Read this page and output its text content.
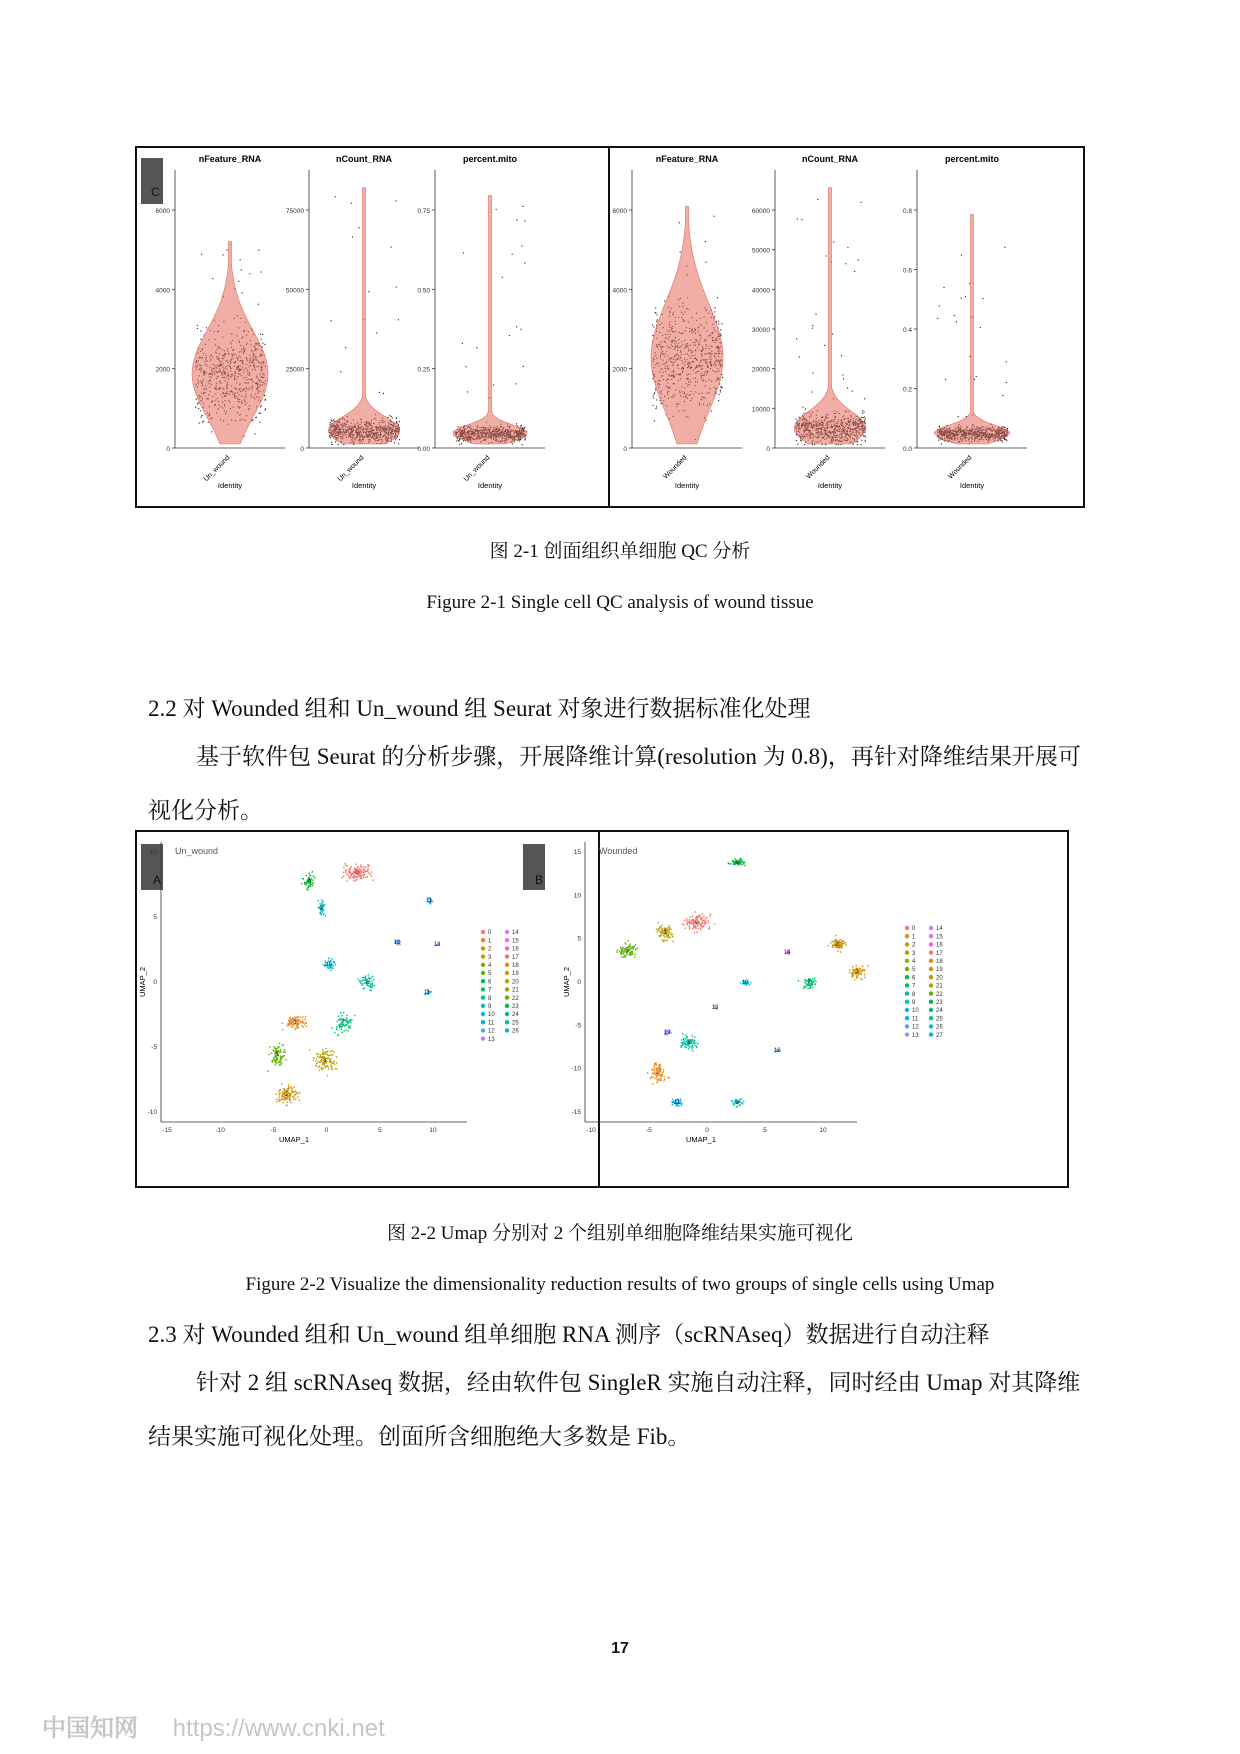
C
nFeature_RNA
0
2000
4000
6000
Un_wound
Identity
nCount_RNA
0
25000
50000
75000
Un_wound
Identity
percent.mito
0.00
0.25
0.50
0.75
Un_wound
Identity
nFeature_RNA
0
2000
4000
6000
Wounded
Identity
nCount_RNA
0
10000
20000
30000
40000
50000
60000
Wounded
Identity
percent.mito
0.0
0.2
0.4
0.6
0.8
Wounded
Identity
图 2-1 创面组织单细胞 QC 分析
Figure 2-1 Single cell QC analysis of wound tissue
2.2 对 Wounded 组和 Un_wound 组 Seurat 对象进行数据标准化处理
基于软件包 Seurat 的分析步骤，开展降维计算(resolution 为 0.8)，再针对降维结果开展可视化分析。
A
Un_wound
-15	-10	-5	0	5	10
10
5
0
-5
-10
UMAP_1
UMAP_2
0
6
9
1
3
5
2
7
8
10
12
11
11
13
0
1
2
3
4
5
6
7
8
9
10
11
12
13
14
15
16
17
18
19
20
21
22
23
24
25
26
B
Wounded
-10	-5	0	5	10
15
10
5
0
-5
-10
-15
UMAP_1
UMAP_2
6
0
3
5
2
2
7
8
1
11	9
10
13
12
14
13
0
1
2
3
4
5
6
7
8
9
10
11
12
13
14
15
16
17
18
19
20
21
22
23
24
25
26
27
图 2-2 Umap 分别对 2 个组别单细胞降维结果实施可视化
Figure 2-2 Visualize the dimensionality reduction results of two groups of single cells using Umap
2.3 对 Wounded 组和 Un_wound 组单细胞 RNA 测序（scRNAseq）数据进行自动注释
针对 2 组 scRNAseq 数据，经由软件包 SingleR 实施自动注释，同时经由 Umap 对其降维结果实施可视化处理。创面所含细胞绝大多数是 Fib。
17
中国知网 https://www.cnki.net
